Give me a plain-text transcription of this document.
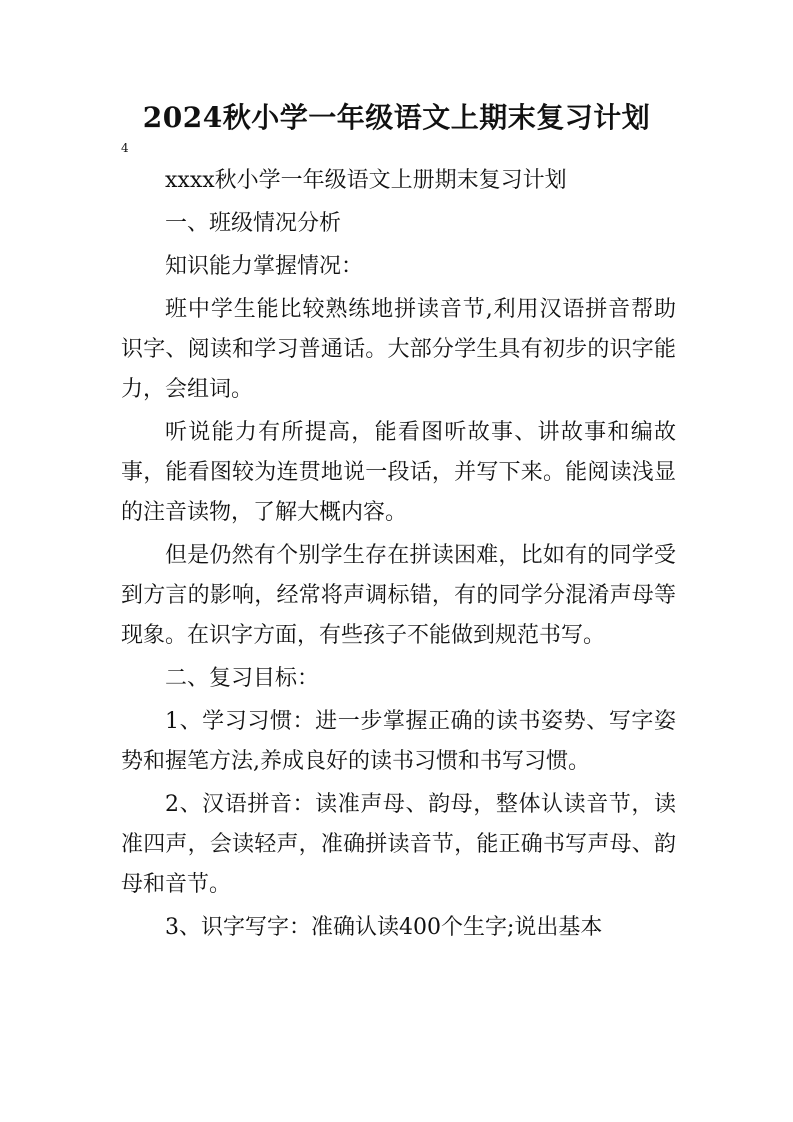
2024秋小学一年级语文上期末复习计划
4

xxxx秋小学一年级语文上册期末复习计划

一、班级情况分析

知识能力掌握情况：

班中学生能比较熟练地拼读音节,利用汉语拼音帮助识字、阅读和学习普通话。大部分学生具有初步的识字能力，会组词。

听说能力有所提高，能看图听故事、讲故事和编故事，能看图较为连贯地说一段话，并写下来。能阅读浅显的注音读物，了解大概内容。

但是仍然有个别学生存在拼读困难，比如有的同学受到方言的影响，经常将声调标错，有的同学分混淆声母等现象。在识字方面，有些孩子不能做到规范书写。

二、复习目标：

1、学习习惯：进一步掌握正确的读书姿势、写字姿势和握笔方法,养成良好的读书习惯和书写习惯。

2、汉语拼音：读准声母、韵母，整体认读音节，读准四声，会读轻声，准确拼读音节，能正确书写声母、韵母和音节。

3、识字写字：准确认读400个生字;说出基本
